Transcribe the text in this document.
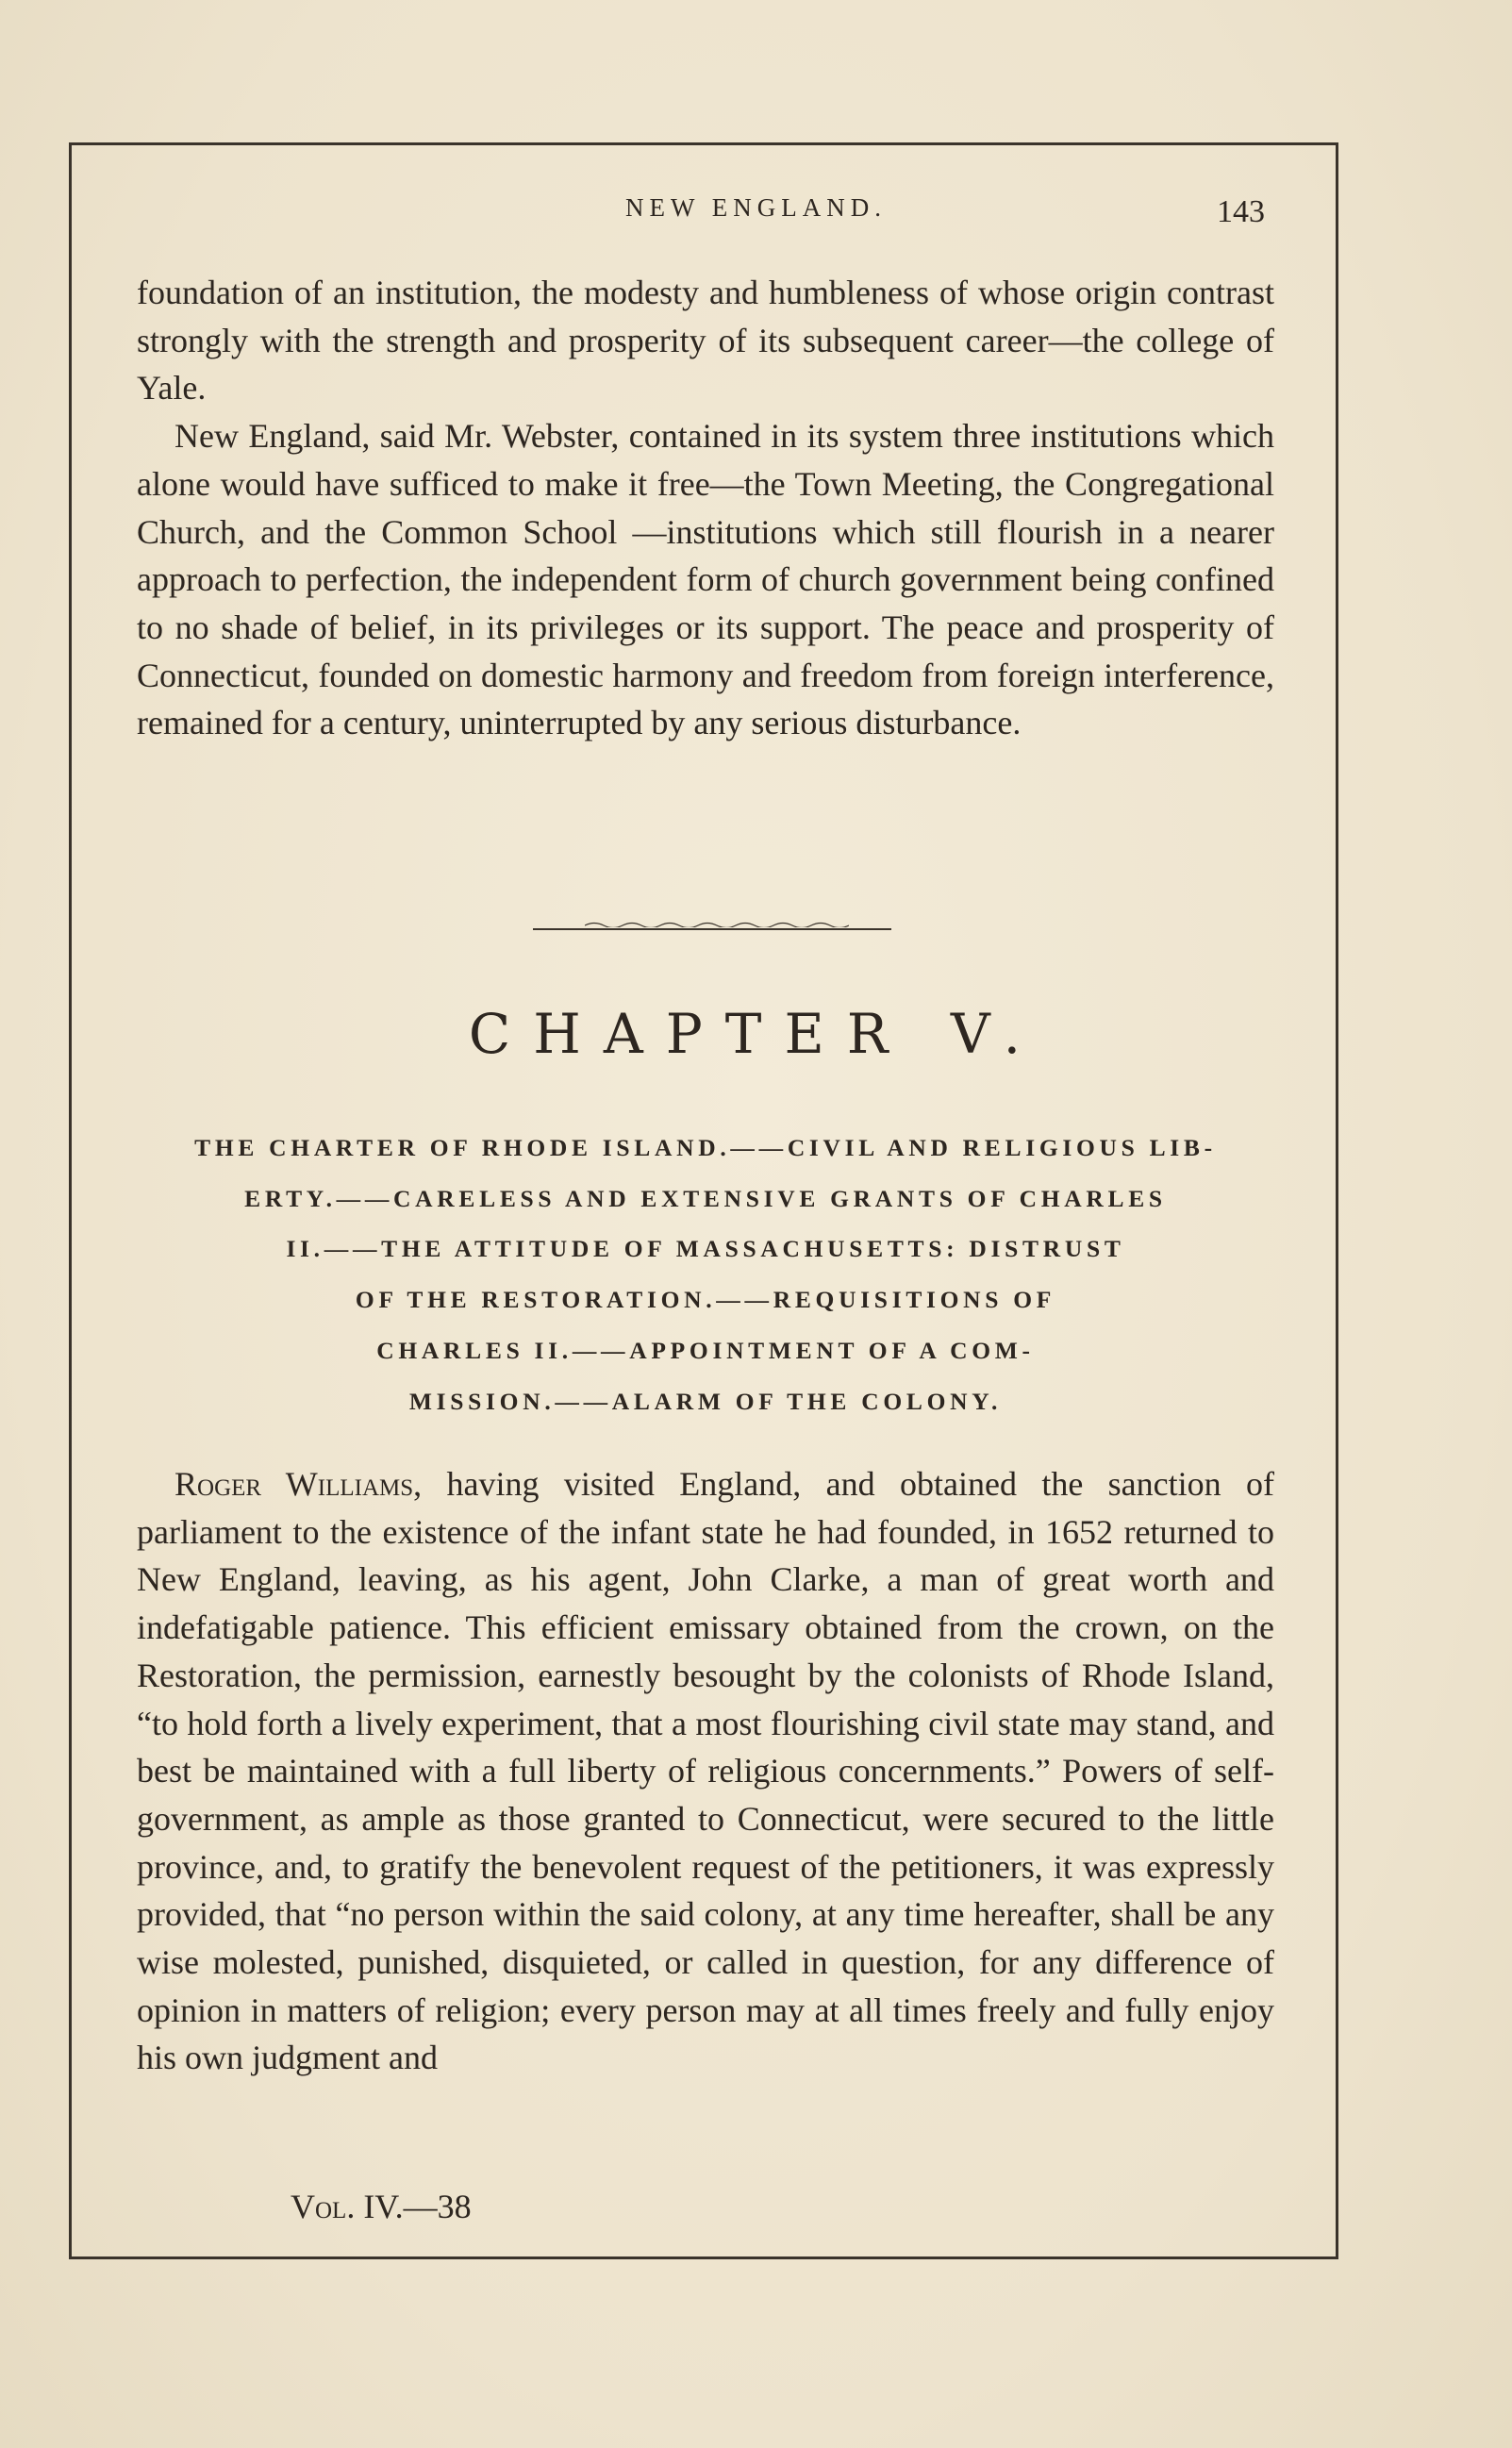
NEW ENGLAND.	143

foundation of an institution, the modesty and humbleness of whose origin contrast strongly with the strength and prosperity of its subsequent career—the college of Yale.

New England, said Mr. Webster, contained in its system three institutions which alone would have sufficed to make it free—the Town Meeting, the Congregational Church, and the Common School —institutions which still flourish in a nearer approach to perfection, the independent form of church government being confined to no shade of belief, in its privileges or its support. The peace and prosperity of Connecticut, founded on domestic harmony and freedom from foreign interference, remained for a century, uninterrupted by any serious disturbance.

CHAPTER V.
THE CHARTER OF RHODE ISLAND.——CIVIL AND RELIGIOUS LIB-
ERTY.——CARELESS AND EXTENSIVE GRANTS OF CHARLES
II.——THE ATTITUDE OF MASSACHUSETTS: DISTRUST
OF THE RESTORATION.——REQUISITIONS OF
CHARLES II.——APPOINTMENT OF A COM-
MISSION.——ALARM OF THE COLONY.

Roger Williams, having visited England, and obtained the sanction of parliament to the existence of the infant state he had founded, in 1652 returned to New England, leaving, as his agent, John Clarke, a man of great worth and indefatigable patience. This efficient emissary obtained from the crown, on the Restoration, the permission, earnestly besought by the colonists of Rhode Island, “to hold forth a lively experiment, that a most flourishing civil state may stand, and best be maintained with a full liberty of religious concernments.” Powers of self-government, as ample as those granted to Connecticut, were secured to the little province, and, to gratify the benevolent request of the petitioners, it was expressly provided, that “no person within the said colony, at any time hereafter, shall be any wise molested, punished, disquieted, or called in question, for any difference of opinion in matters of religion; every person may at all times freely and fully enjoy his own judgment and

Vol. IV.—38
